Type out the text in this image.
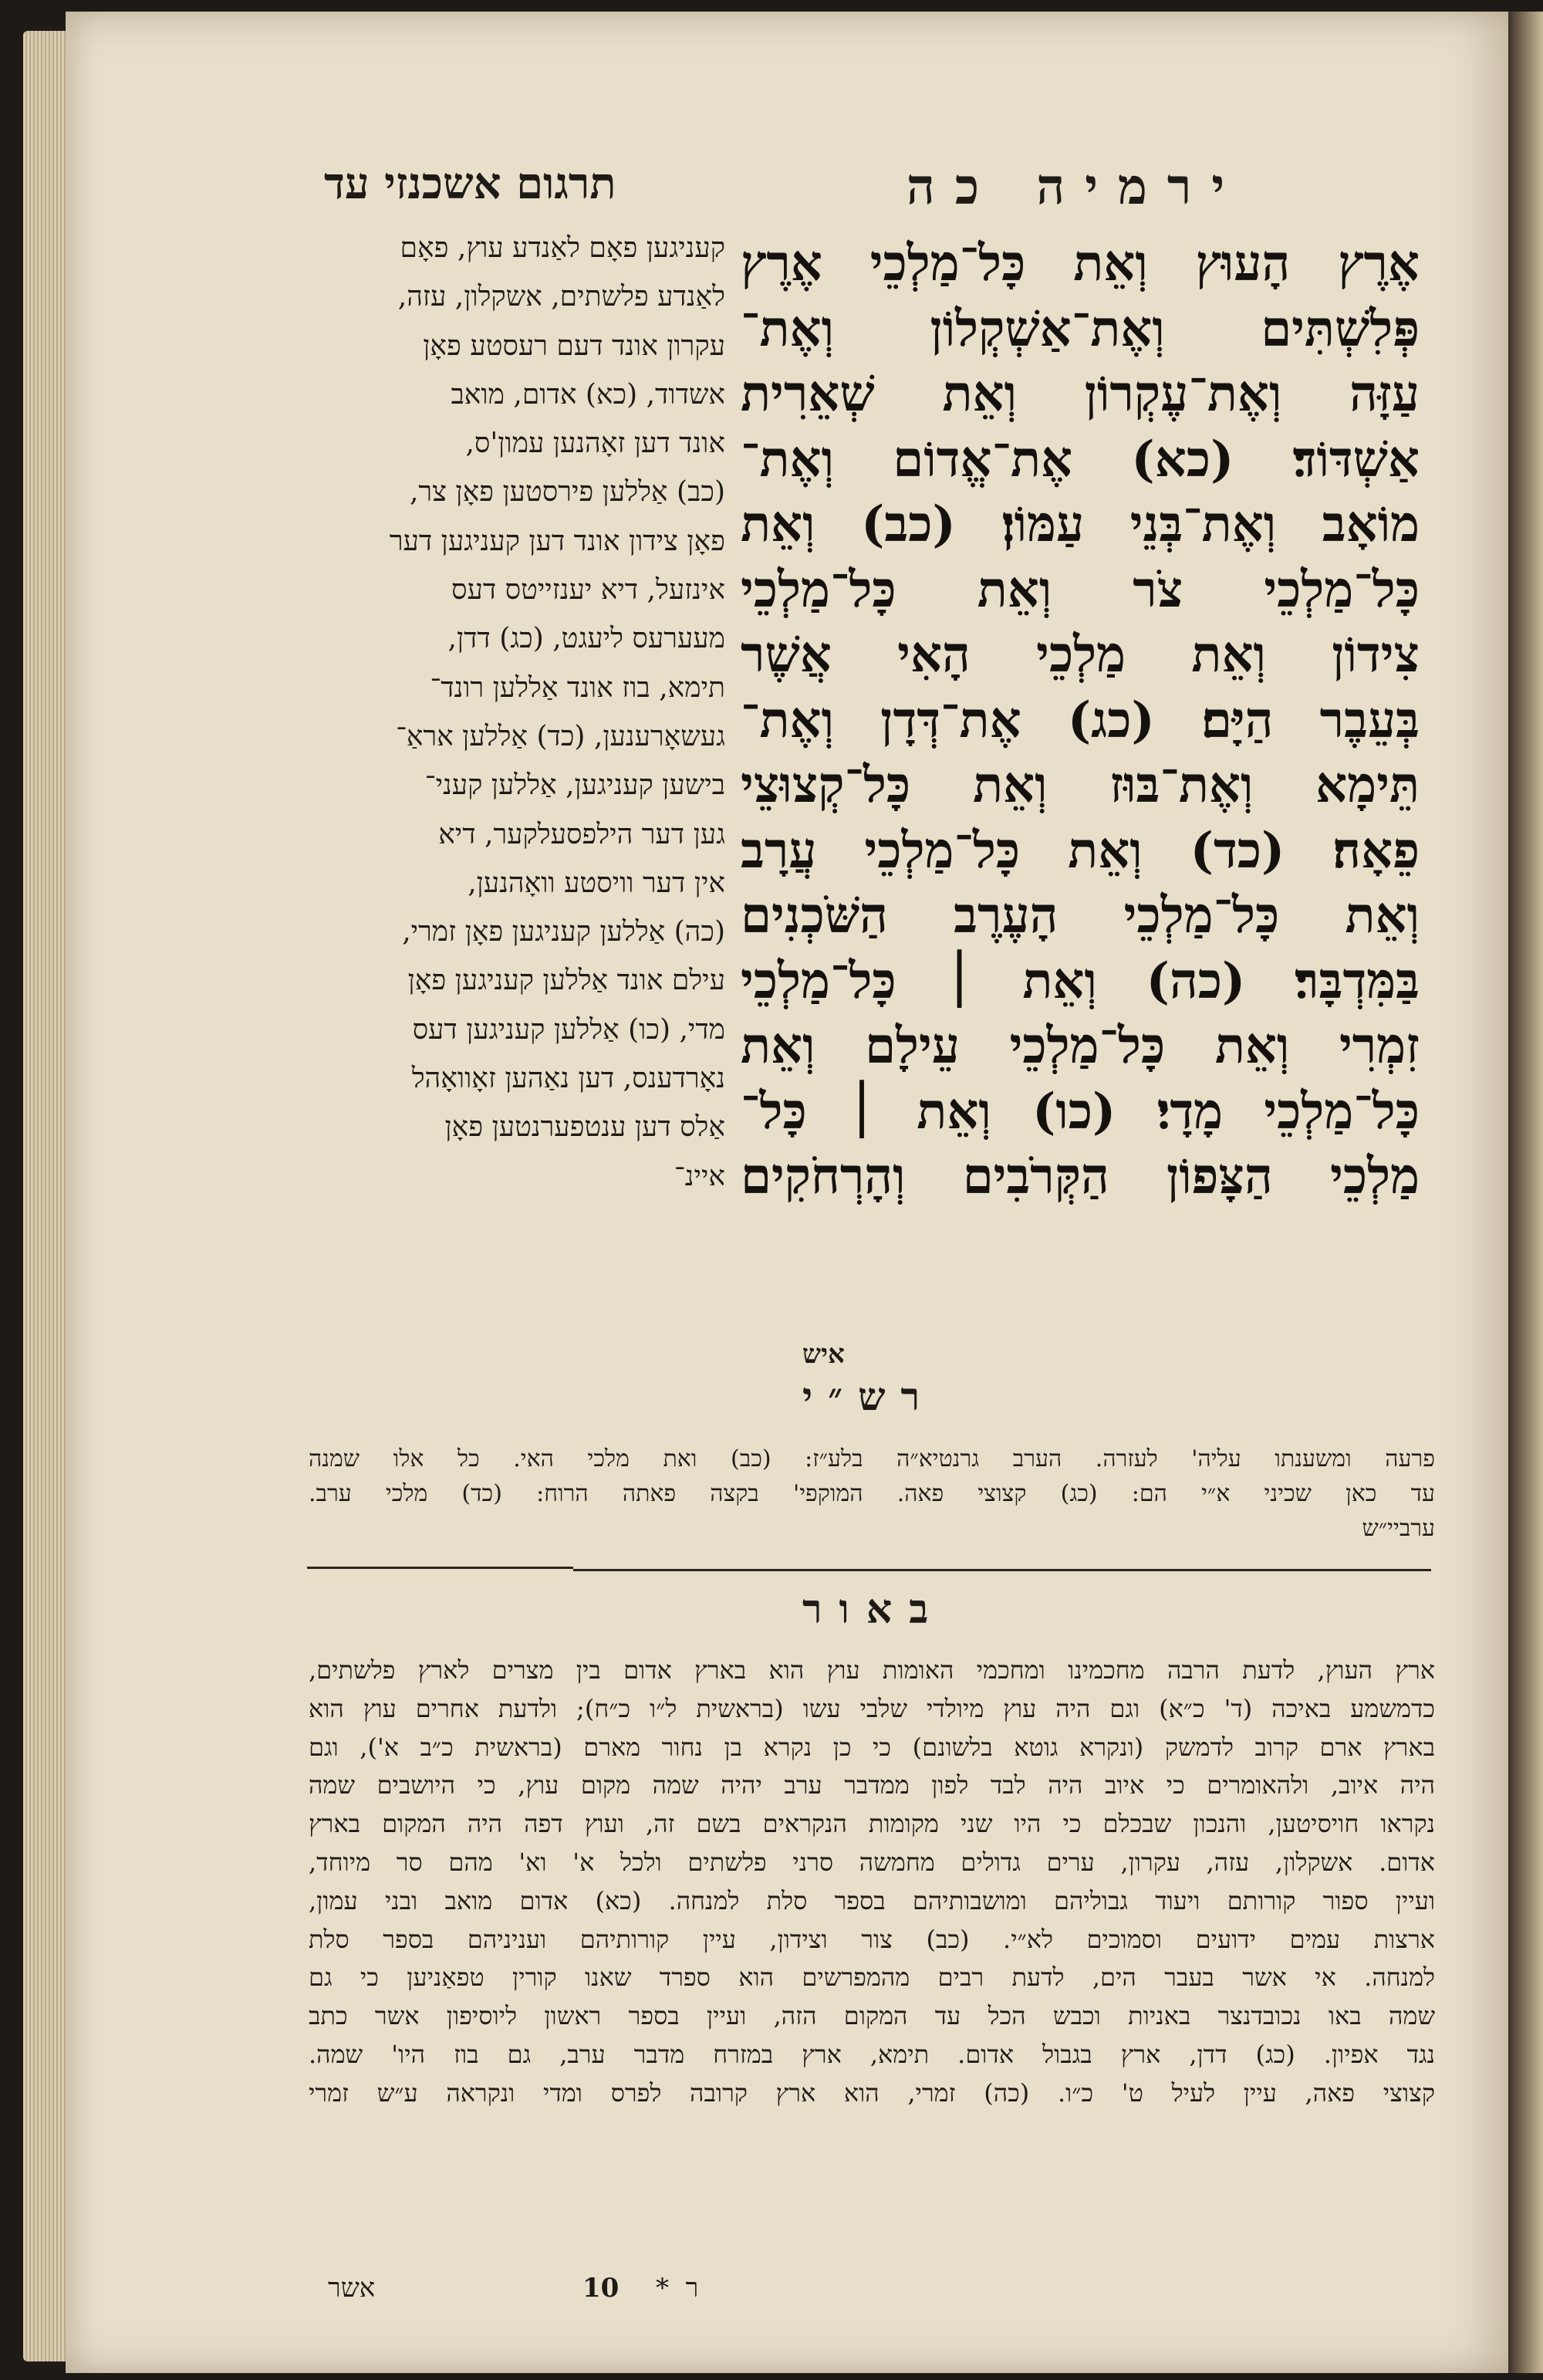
תרגום אשכנזי עד	ירמיה כה
קעניגען פאָם לאַנדע עוץ, פאָם
לאַנדע פלשתים, אשקלון, עזה,
עקרון אונד דעם רעסטע פאָן
אשדוד, (כא) אדום, מואב
אונד דען זאָהנען עמון'ס,
(כב) אַללען פירסטען פאָן צר,
פאָן צידון אונד דען קעניגען דער
אינזעל, דיא יענזייטס דעס
מעערעס ליעגט, (כג) דדן,
תימא, בוז אונד אַללען רונד־
געשאָרענען, (כד) אַללען אראַ־
בישען קעניגען, אַללען קעני־
גען דער הילפסעלקער, דיא
אין דער וויסטע וואָהנען,
(כה) אַללען קעניגען פאָן זמרי,
עילם אונד אַללען קעניגען פאָן
מדי, (כו) אַללען קעניגען דעס
נאָרדענס, דען נאַהען זאָוואָהל
אַלס דען ענטפערנטען פאָן
איינ־
אֶרֶץ הָעוּץ וְאֵת כָּל־מַלְכֵי אֶרֶץ
פְּלִשְׁתִּים וְאֶת־אַשְׁקְלוֹן וְאֶת־
עַזָּה וְאֶת־עֶקְרוֹן וְאֵת שְׁאֵרִית
אַשְׁדּוֹד׃ (כא) אֶת־אֱדוֹם וְאֶת־
מוֹאָב וְאֶת־בְּנֵי עַמּוֹן׃ (כב) וְאֵת
כָּל־מַלְכֵי צֹר וְאֵת כָּל־מַלְכֵי
צִידוֹן וְאֵת מַלְכֵי הָאִי אֲשֶׁר
בְּעֵבֶר הַיָּם׃ (כג) אֶת־דְּדָן וְאֶת־
תֵּימָא וְאֶת־בּוּז וְאֵת כָּל־קְצוּצֵי
פֵאָה׃ (כד) וְאֵת כָּל־מַלְכֵי עֲרָב
וְאֵת כָּל־מַלְכֵי הָעֶרֶב הַשֹּׁכְנִים
בַּמִּדְבָּר׃ (כה) וְאֵת ׀ כָּל־מַלְכֵי
זִמְרִי וְאֵת כָּל־מַלְכֵי עֵילָם וְאֵת
כָּל־מַלְכֵי מָדָי׃ (כו) וְאֵת ׀ כָּל־
מַלְכֵי הַצָּפוֹן הַקְּרֹבִים וְהָרְחֹקִים
איש
רש״י
פרעה ומשענתו עליה' לעזרה. הערב גרנטיא״ה בלע״ז: (כב) ואת מלכי האי. כל אלו שמנה
עד כאן שכיני א״י הם: (כג) קצוצי פאה. המוקפי' בקצה פאתה הרוח: (כד) מלכי ערב.
ערביי״ש
באור
ארץ העוץ, לדעת הרבה מחכמינו ומחכמי האומות עוץ הוא בארץ אדום בין מצרים לארץ פלשתים,
כדמשמע באיכה (ד' כ״א) וגם היה עוץ מיולדי שלבי עשו (בראשית ל״ו כ״ח); ולדעת אחרים עוץ הוא
בארץ ארם קרוב לדמשק (ונקרא גוטא בלשונם) כי כן נקרא בן נחור מארם (בראשית כ״ב א'), וגם
היה איוב, ולהאומרים כי איוב היה לבד לפון ממדבר ערב יהיה שמה מקום עוץ, כי היושבים שמה
נקראו חויסיטען, והנכון שבכלם כי היו שני מקומות הנקראים בשם זה, ועוץ דפה היה המקום בארץ
אדום. אשקלון, עזה, עקרון, ערים גדולים מחמשה סרני פלשתים ולכל א' וא' מהם סר מיוחד,
ועיין ספור קורותם ויעוד גבוליהם ומושבותיהם בספר סלת למנחה. (כא) אדום מואב ובני עמון,
ארצות עמים ידועים וסמוכים לא״י. (כב) צור וצידון, עיין קורותיהם ועניניהם בספר סלת
למנחה. אי אשר בעבר הים, לדעת רבים מהמפרשים הוא ספרד שאנו קורין טפאַניען כי גם
שמה באו נכובדנצר באניות וכבש הכל עד המקום הזה, ועיין בספר ראשון ליוסיפון אשר כתב
נגד אפיון. (כג) דדן, ארץ בגבול אדום. תימא, ארץ במזרח מדבר ערב, גם בוז היו' שמה.
קצוצי פאה, עיין לעיל ט' כ״ו. (כה) זמרי, הוא ארץ קרובה לפרס ומדי ונקראה ע״ש זמרי
אשר	10 * ר
